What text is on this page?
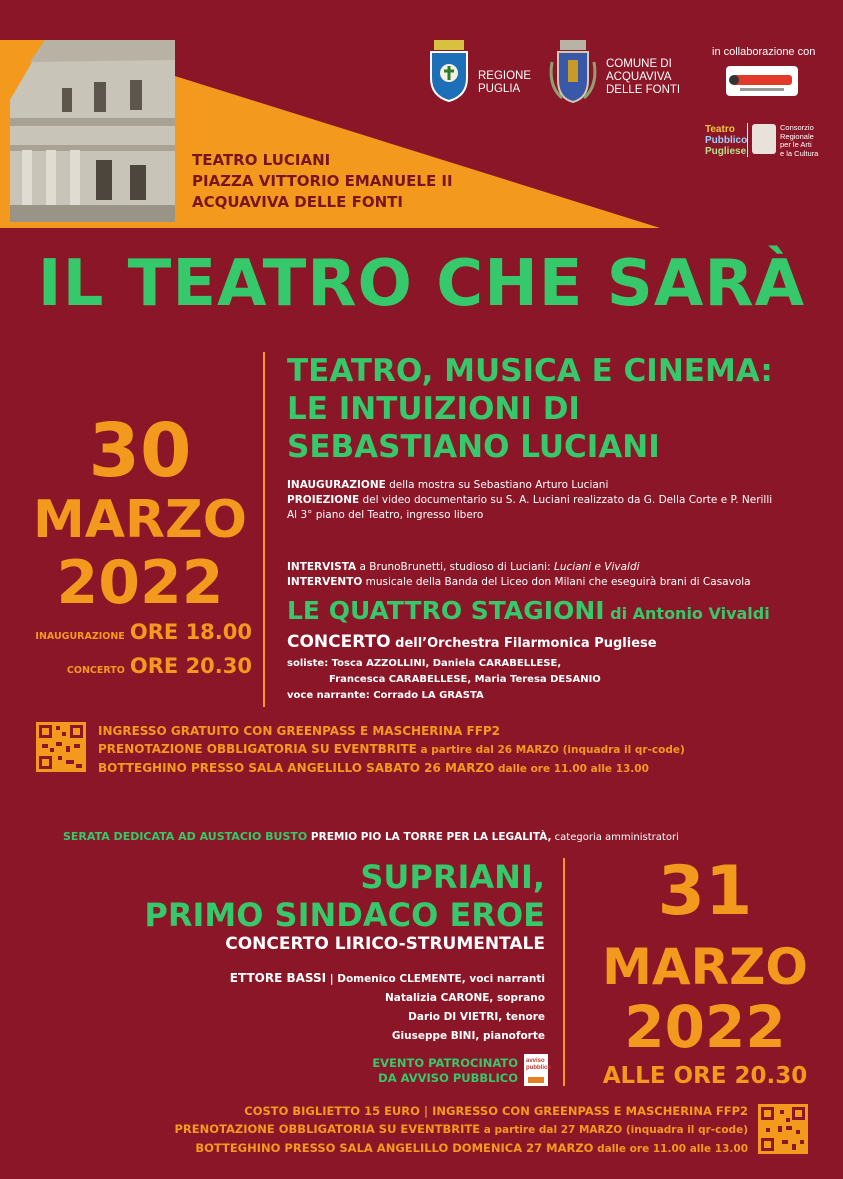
TEATRO LUCIANI
PIAZZA VITTORIO EMANUELE II
ACQUAVIVA DELLE FONTI
REGIONE
PUGLIA
COMUNE DI
ACQUAVIVA
DELLE FONTI
in collaborazione con
Teatro
Pubblico
Pugliese
Consorzio
Regionale
per le Arti
e la Cultura
IL TEATRO CHE SARÀ
30
MARZO
2022
INAUGURAZIONE ORE 18.00
CONCERTO ORE 20.30
TEATRO, MUSICA E CINEMA:
LE INTUIZIONI DI
SEBASTIANO LUCIANI
INAUGURAZIONE della mostra su Sebastiano Arturo Luciani
PROIEZIONE del video documentario su S. A. Luciani realizzato da G. Della Corte e P. Nerilli
Al 3° piano del Teatro, ingresso libero
INTERVISTA a BrunoBrunetti, studioso di Luciani: Luciani e Vivaldi
INTERVENTO musicale della Banda del Liceo don Milani che eseguirà brani di Casavola
LE QUATTRO STAGIONI di Antonio Vivaldi
CONCERTO dell’Orchestra Filarmonica Pugliese
soliste: Tosca AZZOLLINI, Daniela CARABELLESE,
Francesca CARABELLESE, Maria Teresa DESANIO
voce narrante: Corrado LA GRASTA
INGRESSO GRATUITO CON GREENPASS E MASCHERINA FFP2
PRENOTAZIONE OBBLIGATORIA SU EVENTBRITE a partire dal 26 MARZO (inquadra il qr-code)
BOTTEGHINO PRESSO SALA ANGELILLO SABATO 26 MARZO dalle ore 11.00 alle 13.00
SERATA DEDICATA AD AUSTACIO BUSTO PREMIO PIO LA TORRE PER LA LEGALITÀ, categoria amministratori
SUPRIANI,
PRIMO SINDACO EROE
CONCERTO LIRICO-STRUMENTALE
ETTORE BASSI | Domenico CLEMENTE, voci narranti
Natalizia CARONE, soprano
Dario DI VIETRI, tenore
Giuseppe BINI, pianoforte
EVENTO PATROCINATO
DA AVVISO PUBBLICO
avviso pubblico
31
MARZO
2022
ALLE ORE 20.30
COSTO BIGLIETTO 15 EURO | INGRESSO CON GREENPASS E MASCHERINA FFP2
PRENOTAZIONE OBBLIGATORIA SU EVENTBRITE a partire dal 27 MARZO (inquadra il qr-code)
BOTTEGHINO PRESSO SALA ANGELILLO DOMENICA 27 MARZO dalle ore 11.00 alle 13.00
